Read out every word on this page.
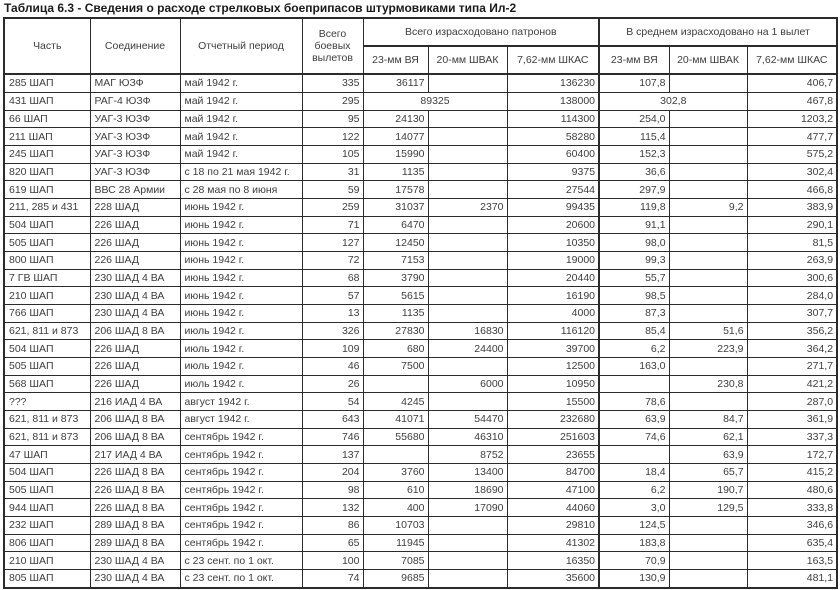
Таблица 6.3 - Сведения о расходе стрелковых боеприпасов штурмовиками типа Ил-2
Часть	Соединение	Отчетный период	Всего боевых вылетов	Всего израсходовано патронов			В среднем израсходовано на 1 вылет		
				23-мм ВЯ	20-мм ШВАК	7,62-мм ШКАС	23-мм ВЯ	20-мм ШВАК	7,62-мм ШКАС
285 ШАП	МАГ ЮЗФ	май 1942 г.	335	36117		136230	107,8		406,7
431 ШАП	РАГ-4 ЮЗФ	май 1942 г.	295	89325		138000	302,8		467,8
66 ШАП	УАГ-3 ЮЗФ	май 1942 г.	95	24130		114300	254,0		1203,2
211 ШАП	УАГ-3 ЮЗФ	май 1942 г.	122	14077		58280	115,4		477,7
245 ШАП	УАГ-3 ЮЗФ	май 1942 г.	105	15990		60400	152,3		575,2
820 ШАП	УАГ-3 ЮЗФ	с 18 по 21 мая 1942 г.	31	1135		9375	36,6		302,4
619 ШАП	ВВС 28 Армии	с 28 мая по 8 июня	59	17578		27544	297,9		466,8
211, 285 и 431	228 ШАД	июнь 1942 г.	259	31037	2370	99435	119,8	9,2	383,9
504 ШАП	226 ШАД	июнь 1942 г.	71	6470		20600	91,1		290,1
505 ШАП	226 ШАД	июнь 1942 г.	127	12450		10350	98,0		81,5
800 ШАП	226 ШАД	июнь 1942 г.	72	7153		19000	99,3		263,9
7 ГВ ШАП	230 ШАД 4 ВА	июнь 1942 г.	68	3790		20440	55,7		300,6
210 ШАП	230 ШАД 4 ВА	июнь 1942 г.	57	5615		16190	98,5		284,0
766 ШАП	230 ШАД 4 ВА	июнь 1942 г.	13	1135		4000	87,3		307,7
621, 811 и 873	206 ШАД 8 ВА	июль 1942 г.	326	27830	16830	116120	85,4	51,6	356,2
504 ШАП	226 ШАД	июль 1942 г.	109	680	24400	39700	6,2	223,9	364,2
505 ШАП	226 ШАД	июль 1942 г.	46	7500		12500	163,0		271,7
568 ШАП	226 ШАД	июль 1942 г.	26		6000	10950		230,8	421,2
???	216 ИАД 4 ВА	август 1942 г.	54	4245		15500	78,6		287,0
621, 811 и 873	206 ШАД 8 ВА	август 1942 г.	643	41071	54470	232680	63,9	84,7	361,9
621, 811 и 873	206 ШАД 8 ВА	сентябрь 1942 г.	746	55680	46310	251603	74,6	62,1	337,3
47 ШАП	217 ИАД 4 ВА	сентябрь 1942 г.	137		8752	23655		63,9	172,7
504 ШАП	226 ШАД 8 ВА	сентябрь 1942 г.	204	3760	13400	84700	18,4	65,7	415,2
505 ШАП	226 ШАД 8 ВА	сентябрь 1942 г.	98	610	18690	47100	6,2	190,7	480,6
944 ШАП	226 ШАД 8 ВА	сентябрь 1942 г.	132	400	17090	44060	3,0	129,5	333,8
232 ШАП	289 ШАД 8 ВА	сентябрь 1942 г.	86	10703		29810	124,5		346,6
806 ШАП	289 ШАД 8 ВА	сентябрь 1942 г.	65	11945		41302	183,8		635,4
210 ШАП	230 ШАД 4 ВА	с 23 сент. по 1 окт.	100	7085		16350	70,9		163,5
805 ШАП	230 ШАД 4 ВА	с 23 сент. по 1 окт.	74	9685		35600	130,9		481,1
